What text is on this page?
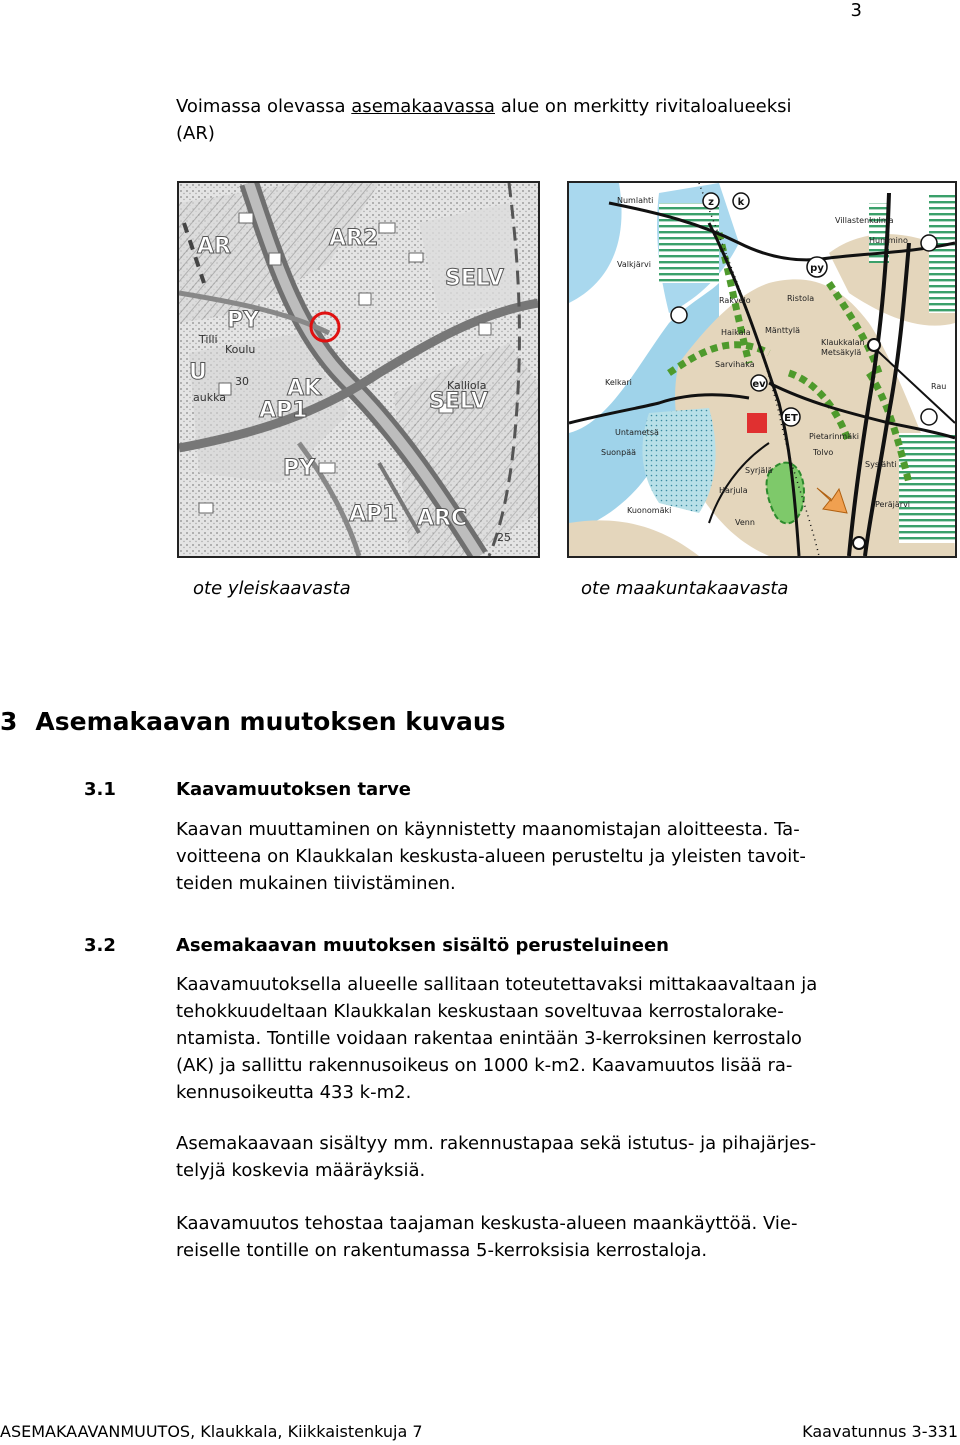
3
Voimassa olevassa asemakaavassa alue on merkitty rivitaloalueeksi
(AR)
AR	AR2
PY
SELV
SELV
AK
AP1
AP1
PY
U
ARC
Koulu
Kalliola
Tilli
aukka
30
25
z k
py
ev
ET
Numlahti
Valkjärvi
Villastenkulma
Hummino
Rakvelo	Ristola
Haikala Mänttylä
Klaukkalan
Metsäkylä
Sarvihaka
Kelkari
Untametsä
Suonpää
Pietarinmäki
Tolvo
Syrjälä
Harjula
Kuonomäki
Venn
Peräjärvi
Rau
Syslähti
ote yleiskaavasta	ote maakuntakaavasta
3 Asemakaavan muutoksen kuvaus
3.1	Kaavamuutoksen tarve
Kaavan muuttaminen on käynnistetty maanomistajan aloitteesta. Ta-
voitteena on Klaukkalan keskusta-alueen perusteltu ja yleisten tavoit-
teiden mukainen tiivistäminen.
3.2	Asemakaavan muutoksen sisältö perusteluineen
Kaavamuutoksella alueelle sallitaan toteutettavaksi mittakaavaltaan ja
tehokkuudeltaan Klaukkalan keskustaan soveltuvaa kerrostalorake-
ntamista. Tontille voidaan rakentaa enintään 3-kerroksinen kerrostalo
(AK) ja sallittu rakennusoikeus on 1000 k-m2. Kaavamuutos lisää ra-
kennusoikeutta 433 k-m2.
Asemakaavaan sisältyy mm. rakennustapaa sekä istutus- ja pihajärjes-
telyjä koskevia määräyksiä.
Kaavamuutos tehostaa taajaman keskusta-alueen maankäyttöä. Vie-
reiselle tontille on rakentumassa 5-kerroksisia kerrostaloja.
ASEMAKAAVANMUUTOS, Klaukkala, Kiikkaistenkuja 7	Kaavatunnus 3-331
